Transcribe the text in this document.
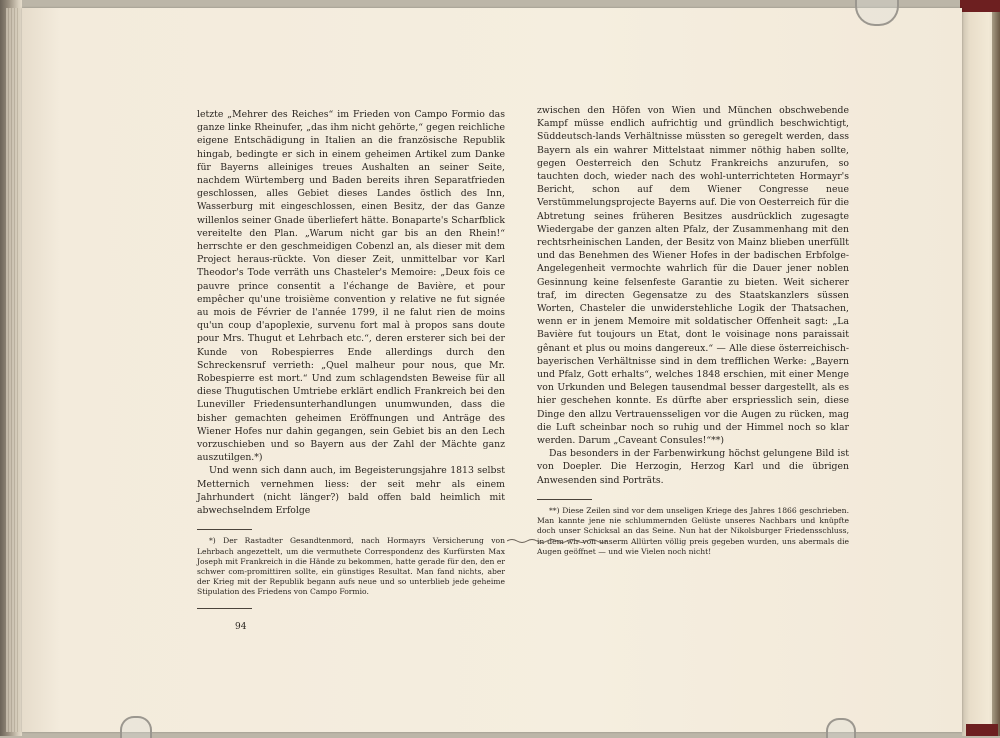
letzte „Mehrer des Reiches“ im Frieden von Campo Formio das ganze linke Rheinufer, „das ihm nicht gehörte,“ gegen reichliche eigene Entschädigung in Italien an die französische Republik hingab, bedingte er sich in einem geheimen Artikel zum Danke für Bayerns alleiniges treues Aushalten an seiner Seite, nachdem Würtemberg und Baden bereits ihren Separatfrieden geschlossen, alles Gebiet dieses Landes östlich des Inn, Wasserburg mit eingeschlossen, einen Besitz, der das Ganze willenlos seiner Gnade überliefert hätte. Bonaparte's Scharfblick vereitelte den Plan. „Warum nicht gar bis an den Rhein!“ herrschte er den geschmeidigen Cobenzl an, als dieser mit dem Project heraus-rückte. Von dieser Zeit, unmittelbar vor Karl Theodor's Tode verräth uns Chasteler's Memoire: „Deux fois ce pauvre prince consentit a l'échange de Bavière, et pour empêcher qu'une troisième convention y relative ne fut signée au mois de Février de l'année 1799, il ne falut rien de moins qu'un coup d'apoplexie, survenu fort mal à propos sans doute pour Mrs. Thugut et Lehrbach etc.“, deren ersterer sich bei der Kunde von Robespierres Ende allerdings durch den Schreckensruf verrieth: „Quel malheur pour nous, que Mr. Robespierre est mort.“ Und zum schlagendsten Beweise für all diese Thugutischen Umtriebe erklärt endlich Frankreich bei den Luneviller Friedensunterhandlungen unumwunden, dass die bisher gemachten geheimen Eröffnungen und Anträge des Wiener Hofes nur dahin gegangen, sein Gebiet bis an den Lech vorzuschieben und so Bayern aus der Zahl der Mächte ganz auszutilgen.*)

Und wenn sich dann auch, im Begeisterungsjahre 1813 selbst Metternich vernehmen liess: der seit mehr als einem Jahrhundert (nicht länger?) bald offen bald heimlich mit abwechselndem Erfolge

*) Der Rastadter Gesandtenmord, nach Hormayrs Versicherung von Lehrbach angezettelt, um die vermuthete Correspondenz des Kurfürsten Max Joseph mit Frankreich in die Hände zu bekommen, hatte gerade für den, den er schwer com-promittiren sollte, ein günstiges Resultat. Man fand nichts, aber der Krieg mit der Republik begann aufs neue und so unterblieb jede geheime Stipulation des Friedens von Campo Formio.

zwischen den Höfen von Wien und München obschwebende Kampf müsse endlich aufrichtig und gründlich beschwichtigt, Süddeutsch-lands Verhältnisse müssten so geregelt werden, dass Bayern als ein wahrer Mittelstaat nimmer nöthig haben sollte, gegen Oesterreich den Schutz Frankreichs anzurufen, so tauchten doch, wieder nach des wohl-unterrichteten Hormayr's Bericht, schon auf dem Wiener Congresse neue Verstümmelungsprojecte Bayerns auf. Die von Oesterreich für die Abtretung seines früheren Besitzes ausdrücklich zugesagte Wiedergabe der ganzen alten Pfalz, der Zusammenhang mit den rechtsrheinischen Landen, der Besitz von Mainz blieben unerfüllt und das Benehmen des Wiener Hofes in der badischen Erbfolge-Angelegenheit vermochte wahrlich für die Dauer jener noblen Gesinnung keine felsenfeste Garantie zu bieten. Weit sicherer traf, im directen Gegensatze zu des Staatskanzlers süssen Worten, Chasteler die unwiderstehliche Logik der Thatsachen, wenn er in jenem Memoire mit soldatischer Offenheit sagt: „La Bavière fut toujours un Etat, dont le voisinage nons paraissait gênant et plus ou moins dangereux.“ — Alle diese österreichisch-bayerischen Verhältnisse sind in dem trefflichen Werke: „Bayern und Pfalz, Gott erhalts“, welches 1848 erschien, mit einer Menge von Urkunden und Belegen tausendmal besser dargestellt, als es hier geschehen konnte. Es dürfte aber erspriesslich sein, diese Dinge den allzu Vertrauensseligen vor die Augen zu rücken, mag die Luft scheinbar noch so ruhig und der Himmel noch so klar werden. Darum „Caveant Consules!“**)

Das besonders in der Farbenwirkung höchst gelungene Bild ist von Doepler. Die Herzogin, Herzog Karl und die übrigen Anwesenden sind Porträts.

**) Diese Zeilen sind vor dem unseligen Kriege des Jahres 1866 geschrieben. Man kannte jene nie schlummernden Gelüste unseres Nachbars und knüpfte doch unser Schicksal an das Seine. Nun hat der Nikolsburger Friedensschluss, in dem wir von unserm Allürten völlig preis gegeben wurden, uns abermals die Augen geöffnet — und wie Vielen noch nicht!

94
